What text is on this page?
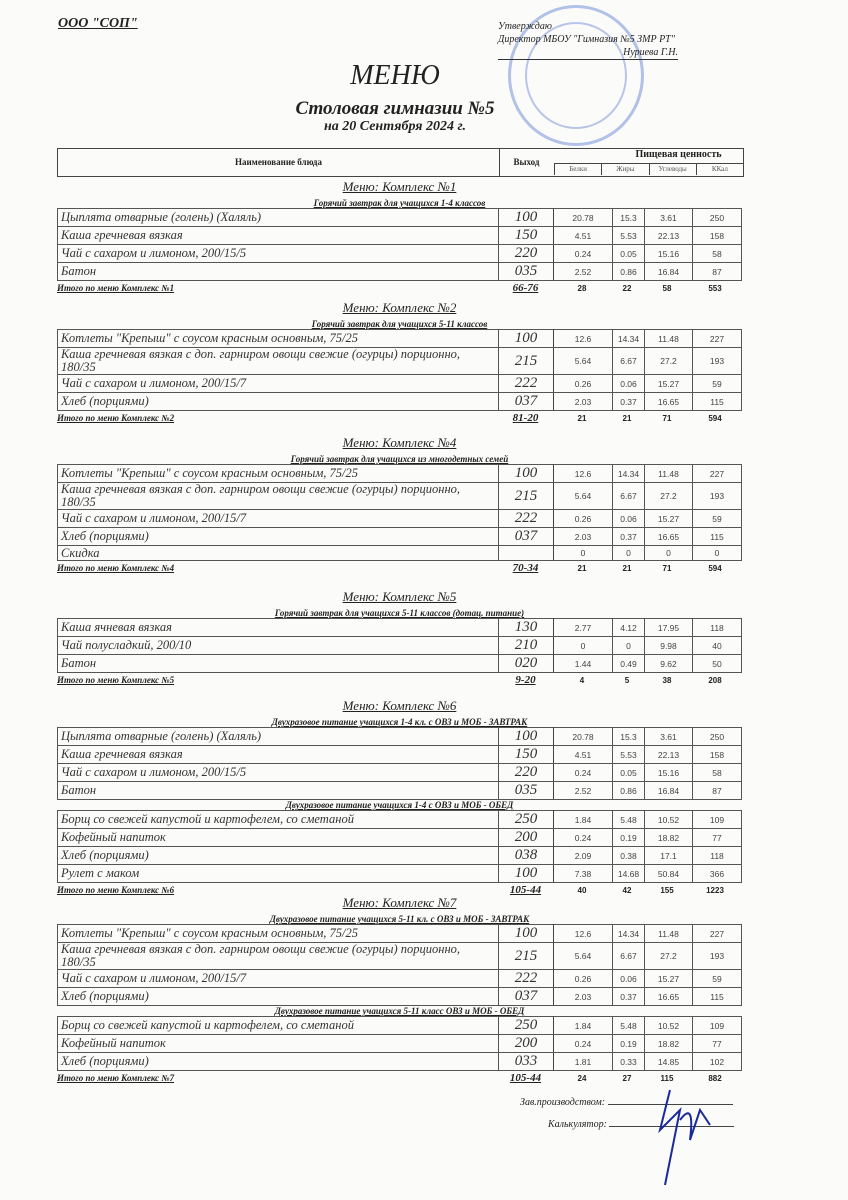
ООО "СОП"	Утверждаю
Директор МБОУ "Гимназия №5 ЗМР РТ"
Нуриева Г.Н.
МЕНЮ
Столовая гимназии №5
на 20 Сентября 2024 г.
Наименование блюда	Выход
Пищевая ценность
Белки	Жиры	Углеводы	ККал
Меню: Комплекс №1
Горячий завтрак для учащихся 1-4 классов
Цыплята отварные (голень) (Халяль)	100	20.78	15.3	3.61	250
Каша гречневая вязкая	150	4.51	5.53	22.13	158
Чай с сахаром и лимоном, 200/15/5	220	0.24	0.05	15.16	58
Батон	035	2.52	0.86	16.84	87
Итого по меню Комплекс №1	66-76	28	22	58	553
Меню: Комплекс №2
Горячий завтрак для учащихся 5-11 классов
Котлеты "Крепыш" с соусом красным основным, 75/25	100	12.6	14.34	11.48	227
Каша гречневая вязкая с доп. гарниром овощи свежие (огурцы) порционно, 180/35	215	5.64	6.67	27.2	193
Чай с сахаром и лимоном, 200/15/7	222	0.26	0.06	15.27	59
Хлеб (порциями)	037	2.03	0.37	16.65	115
Итого по меню Комплекс №2	81-20	21	21	71	594
Меню: Комплекс №4
Горячий завтрак для учащихся из многодетных семей
Котлеты "Крепыш" с соусом красным основным, 75/25	100	12.6	14.34	11.48	227
Каша гречневая вязкая с доп. гарниром овощи свежие (огурцы) порционно, 180/35	215	5.64	6.67	27.2	193
Чай с сахаром и лимоном, 200/15/7	222	0.26	0.06	15.27	59
Хлеб (порциями)	037	2.03	0.37	16.65	115
Скидка		0	0	0	0
Итого по меню Комплекс №4	70-34	21	21	71	594
Меню: Комплекс №5
Горячий завтрак для учащихся 5-11 классов (дотац. питание)
Каша ячневая вязкая	130	2.77	4.12	17.95	118
Чай полусладкий, 200/10	210	0	0	9.98	40
Батон	020	1.44	0.49	9.62	50
Итого по меню Комплекс №5	9-20	4	5	38	208
Меню: Комплекс №6
Двухразовое питание учащихся 1-4 кл. с ОВЗ и МОБ - ЗАВТРАК
Цыплята отварные (голень) (Халяль)	100	20.78	15.3	3.61	250
Каша гречневая вязкая	150	4.51	5.53	22.13	158
Чай с сахаром и лимоном, 200/15/5	220	0.24	0.05	15.16	58
Батон	035	2.52	0.86	16.84	87
Двухразовое питание учащихся 1-4 с ОВЗ и МОБ - ОБЕД
Борщ со свежей капустой и картофелем, со сметаной	250	1.84	5.48	10.52	109
Кофейный напиток	200	0.24	0.19	18.82	77
Хлеб (порциями)	038	2.09	0.38	17.1	118
Рулет с маком	100	7.38	14.68	50.84	366
Итого по меню Комплекс №6	105-44	40	42	155	1223
Меню: Комплекс №7
Двухразовое питание учащихся 5-11 кл. с ОВЗ и МОБ - ЗАВТРАК
Котлеты "Крепыш" с соусом красным основным, 75/25	100	12.6	14.34	11.48	227
Каша гречневая вязкая с доп. гарниром овощи свежие (огурцы) порционно, 180/35	215	5.64	6.67	27.2	193
Чай с сахаром и лимоном, 200/15/7	222	0.26	0.06	15.27	59
Хлеб (порциями)	037	2.03	0.37	16.65	115
Двухразовое питание учащихся 5-11 класс ОВЗ и МОБ - ОБЕД
Борщ со свежей капустой и картофелем, со сметаной	250	1.84	5.48	10.52	109
Кофейный напиток	200	0.24	0.19	18.82	77
Хлеб (порциями)	033	1.81	0.33	14.85	102
Итого по меню Комплекс №7	105-44	24	27	115	882
Зав.производством:
Калькулятор:
